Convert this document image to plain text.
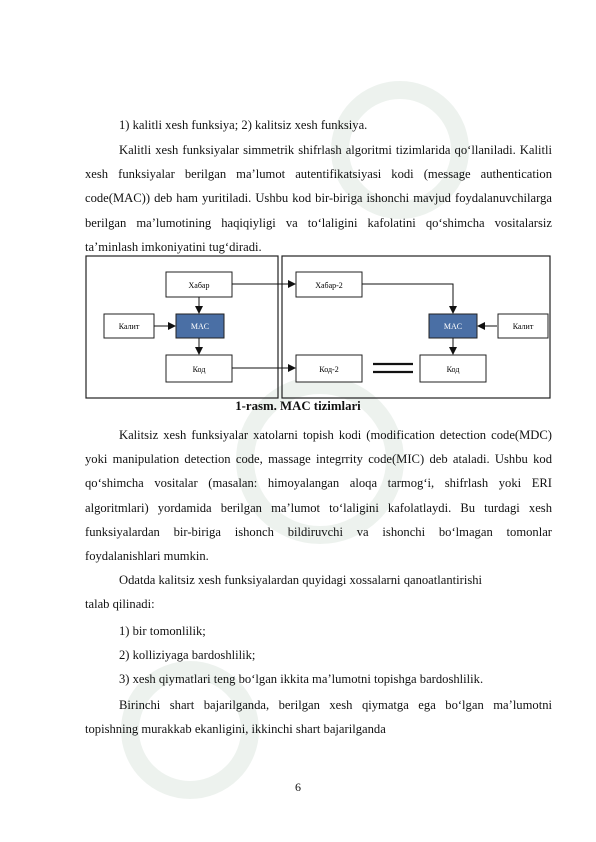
1) kalitli xesh funksiya; 2) kalitsiz xesh funksiya.
Kalitli xesh funksiyalar simmetrik shifrlash algoritmi tizimlarida qo‘llaniladi. Kalitli xesh funksiyalar berilgan ma’lumot autentifikatsiyasi kodi (message authentication code(MAC)) deb ham yuritiladi. Ushbu kod bir-biriga ishonchi mavjud foydalanuvchilarga berilgan ma’lumotining haqiqiyligi va to‘laligini kafolatini qo‘shimcha vositalarsiz ta’minlash imkoniyatini tug‘diradi.
Хабар
Калит	MAC
Код
Хабар-2
Код-2
MAC	Калит
Код
1-rasm. MAC tizimlari
Kalitsiz xesh funksiyalar xatolarni topish kodi (modification detection code(MDC) yoki manipulation detection code, massage integrrity code(MIC) deb ataladi. Ushbu kod qo‘shimcha vositalar (masalan: himoyalangan aloqa tarmog‘i, shifrlash yoki ERI algoritmlari) yordamida berilgan ma’lumot to‘laligini kafolatlaydi. Bu turdagi xesh funksiyalardan bir-biriga ishonch bildiruvchi va ishonchi bo‘lmagan tomonlar foydalanishlari mumkin.
Odatda kalitsiz xesh funksiyalardan quyidagi xossalarni qanoatlantirishi
talab qilinadi:
1) bir tomonlilik;
2) kolliziyaga bardoshlilik;
3) xesh qiymatlari teng bo‘lgan ikkita ma’lumotni topishga bardoshlilik.
Birinchi shart bajarilganda, berilgan xesh qiymatga ega bo‘lgan ma’lumotni topishning murakkab ekanligini, ikkinchi shart bajarilganda
6
